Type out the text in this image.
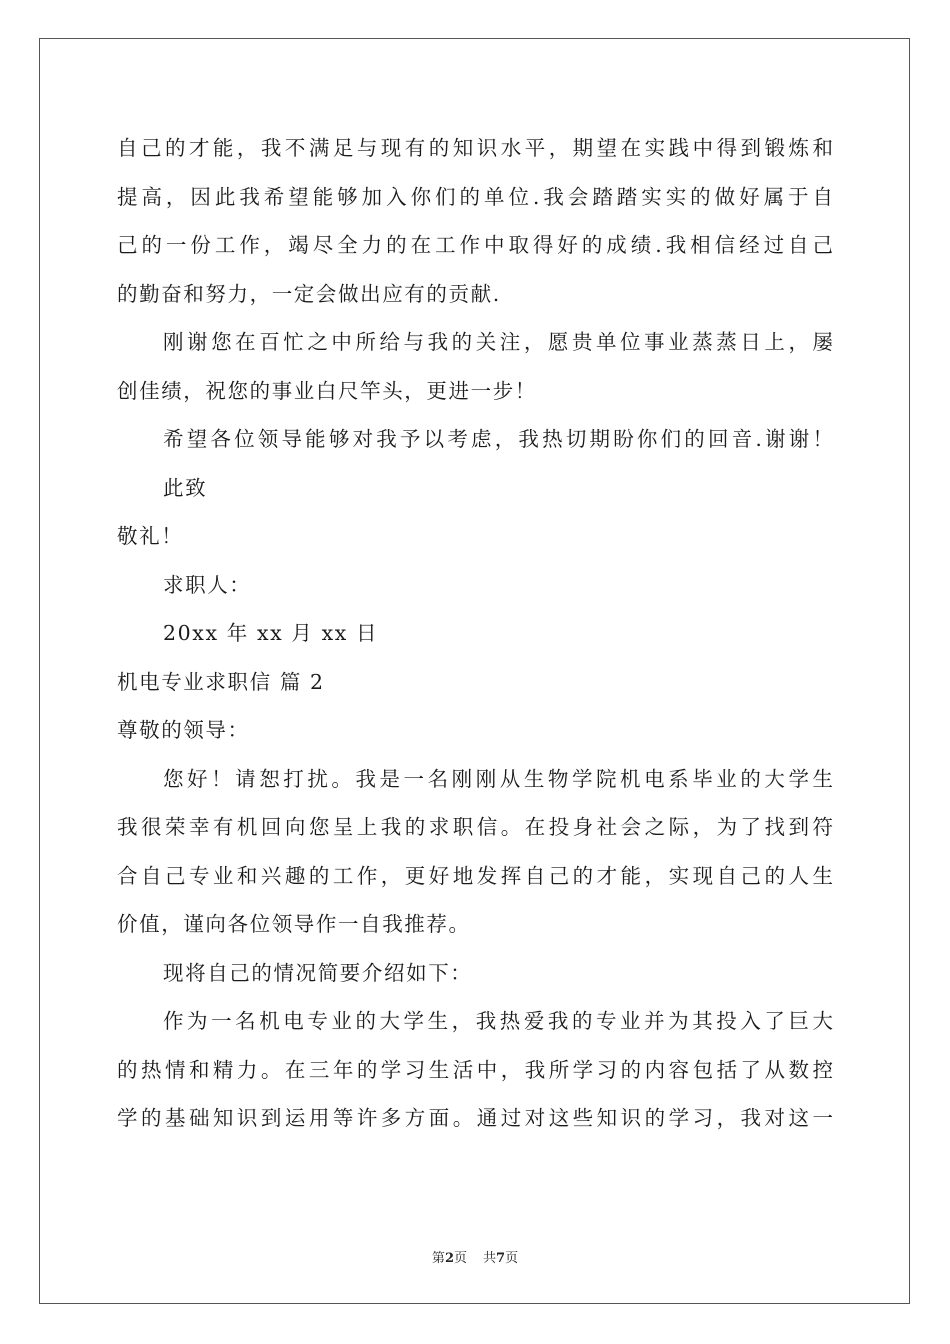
自己的才能，我不满足与现有的知识水平，期望在实践中得到锻炼和
提高，因此我希望能够加入你们的单位.我会踏踏实实的做好属于自
己的一份工作，竭尽全力的在工作中取得好的成绩.我相信经过自己
的勤奋和努力，一定会做出应有的贡献.
刚谢您在百忙之中所给与我的关注，愿贵单位事业蒸蒸日上，屡
创佳绩，祝您的事业白尺竿头，更进一步！
希望各位领导能够对我予以考虑，我热切期盼你们的回音.谢谢！
此致
敬礼！
求职人：
20xx 年 xx 月 xx 日
机电专业求职信 篇 2
尊敬的领导：
您好！请恕打扰。我是一名刚刚从生物学院机电系毕业的大学生
我很荣幸有机回向您呈上我的求职信。在投身社会之际，为了找到符
合自己专业和兴趣的工作，更好地发挥自己的才能，实现自己的人生
价值，谨向各位领导作一自我推荐。
现将自己的情况简要介绍如下：
作为一名机电专业的大学生，我热爱我的专业并为其投入了巨大
的热情和精力。在三年的学习生活中，我所学习的内容包括了从数控
学的基础知识到运用等许多方面。通过对这些知识的学习，我对这一
第2页 共7页
